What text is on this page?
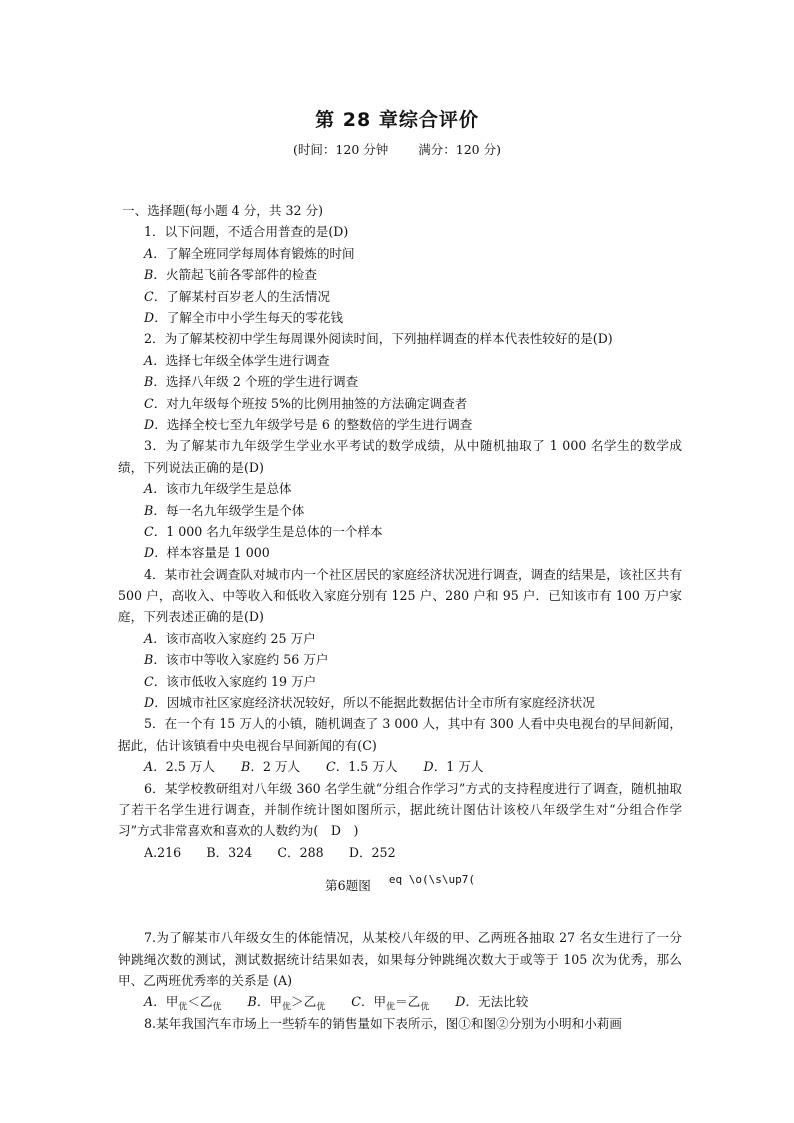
第 28 章综合评价
(时间：120 分钟 满分：120 分)
一、选择题(每小题 4 分，共 32 分)
1．以下问题，不适合用普查的是(D)
A．了解全班同学每周体育锻炼的时间
B．火箭起飞前各零部件的检查
C．了解某村百岁老人的生活情况
D．了解全市中小学生每天的零花钱
2．为了解某校初中学生每周课外阅读时间，下列抽样调查的样本代表性较好的是(D)
A．选择七年级全体学生进行调查
B．选择八年级 2 个班的学生进行调查
C．对九年级每个班按 5%的比例用抽签的方法确定调查者
D．选择全校七至九年级学号是 6 的整数倍的学生进行调查
3．为了解某市九年级学生学业水平考试的数学成绩，从中随机抽取了 1 000 名学生的数学成绩，下列说法正确的是(D)
A．该市九年级学生是总体
B．每一名九年级学生是个体
C．1 000 名九年级学生是总体的一个样本
D．样本容量是 1 000
4．某市社会调查队对城市内一个社区居民的家庭经济状况进行调查，调查的结果是，该社区共有 500 户，高收入、中等收入和低收入家庭分别有 125 户、280 户和 95 户．已知该市有 100 万户家庭，下列表述正确的是(D)
A．该市高收入家庭约 25 万户
B．该市中等收入家庭约 56 万户
C．该市低收入家庭约 19 万户
D．因城市社区家庭经济状况较好，所以不能据此数据估计全市所有家庭经济状况
5．在一个有 15 万人的小镇，随机调查了 3 000 人，其中有 300 人看中央电视台的早间新闻，据此，估计该镇看中央电视台早间新闻的有(C)
A．2.5 万人 B．2 万人 C．1.5 万人 D．1 万人
6．某学校教研组对八年级 360 名学生就“分组合作学习”方式的支持程度进行了调查，随机抽取了若干名学生进行调查，并制作统计图如图所示，据此统计图估计该校八年级学生对“分组合作学习”方式非常喜欢和喜欢的人数约为(　D　)
A.216　　B．324　　C．288　　D．252
第6题图 eq \o(\s\up7(
7.为了解某市八年级女生的体能情况，从某校八年级的甲、乙两班各抽取 27 名女生进行了一分钟跳绳次数的测试，测试数据统计结果如表，如果每分钟跳绳次数大于或等于 105 次为优秀，那么甲、乙两班优秀率的关系是 (A)
A．甲$_优$＜乙$_优$ B．甲$_优$＞乙$_优$ C．甲$_优$＝乙$_优$ D．无法比较
8.某年我国汽车市场上一些轿车的销售量如下表所示，图①和图②分别为小明和小莉画
